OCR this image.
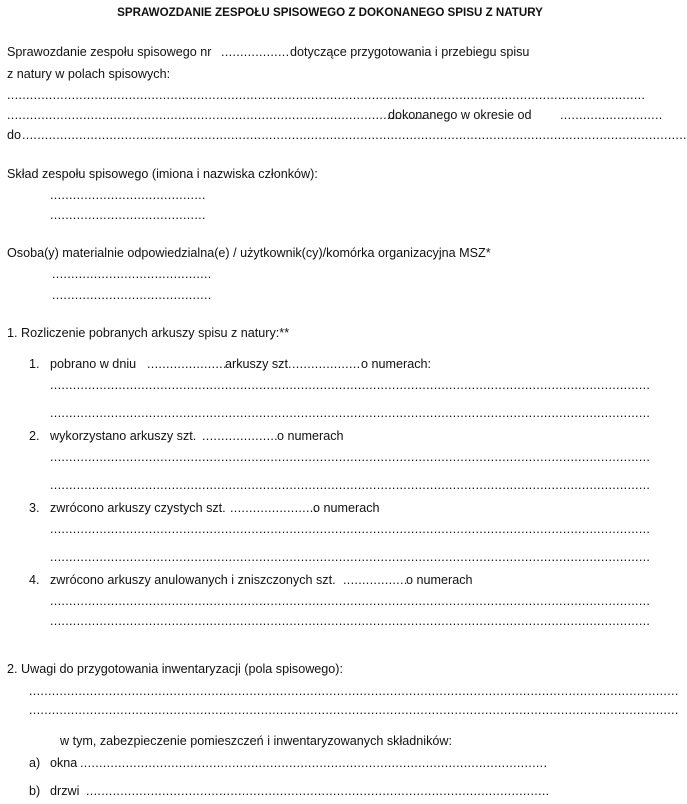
SPRAWOZDANIE ZESPOŁU SPISOWEGO Z DOKONANEGO SPISU Z NATURY
Sprawozdanie zespołu spisowego nr .................. dotyczące przygotowania i przebiegu spisu
z natury w polach spisowych:
........................................................................................................................................................................
..............................................................................................................
dokonanego w okresie od ...........................
do ...............................................................................................................................................................................
Skład zespołu spisowego (imiona i nazwiska członków):
.........................................
.........................................
Osoba(y) materialnie odpowiedzialna(e) / użytkownik(cy)/komórka organizacyjna MSZ*
..........................................
..........................................
1. Rozliczenie pobranych arkuszy spisu z natury:**
1. pobrano w dniu .....................
arkuszy szt. .................. o numerach:
..............................................................................................................................................................
..............................................................................................................................................................
2. wykorzystano arkuszy szt. .................... o numerach
..............................................................................................................................................................
..............................................................................................................................................................
3. zwrócono arkuszy czystych szt. .......................
o numerach
..............................................................................................................................................................
..............................................................................................................................................................
4. zwrócono arkuszy anulowanych i zniszczonych szt. .................
o numerach
..............................................................................................................................................................
..............................................................................................................................................................
2. Uwagi do przygotowania inwentaryzacji (pola spisowego):
...........................................................................................................................................................................
...........................................................................................................................................................................
w tym, zabezpieczenie pomieszczeń i inwentaryzowanych składników:
a) okna ...........................................................................................................................
b) drzwi ..........................................................................................................................
